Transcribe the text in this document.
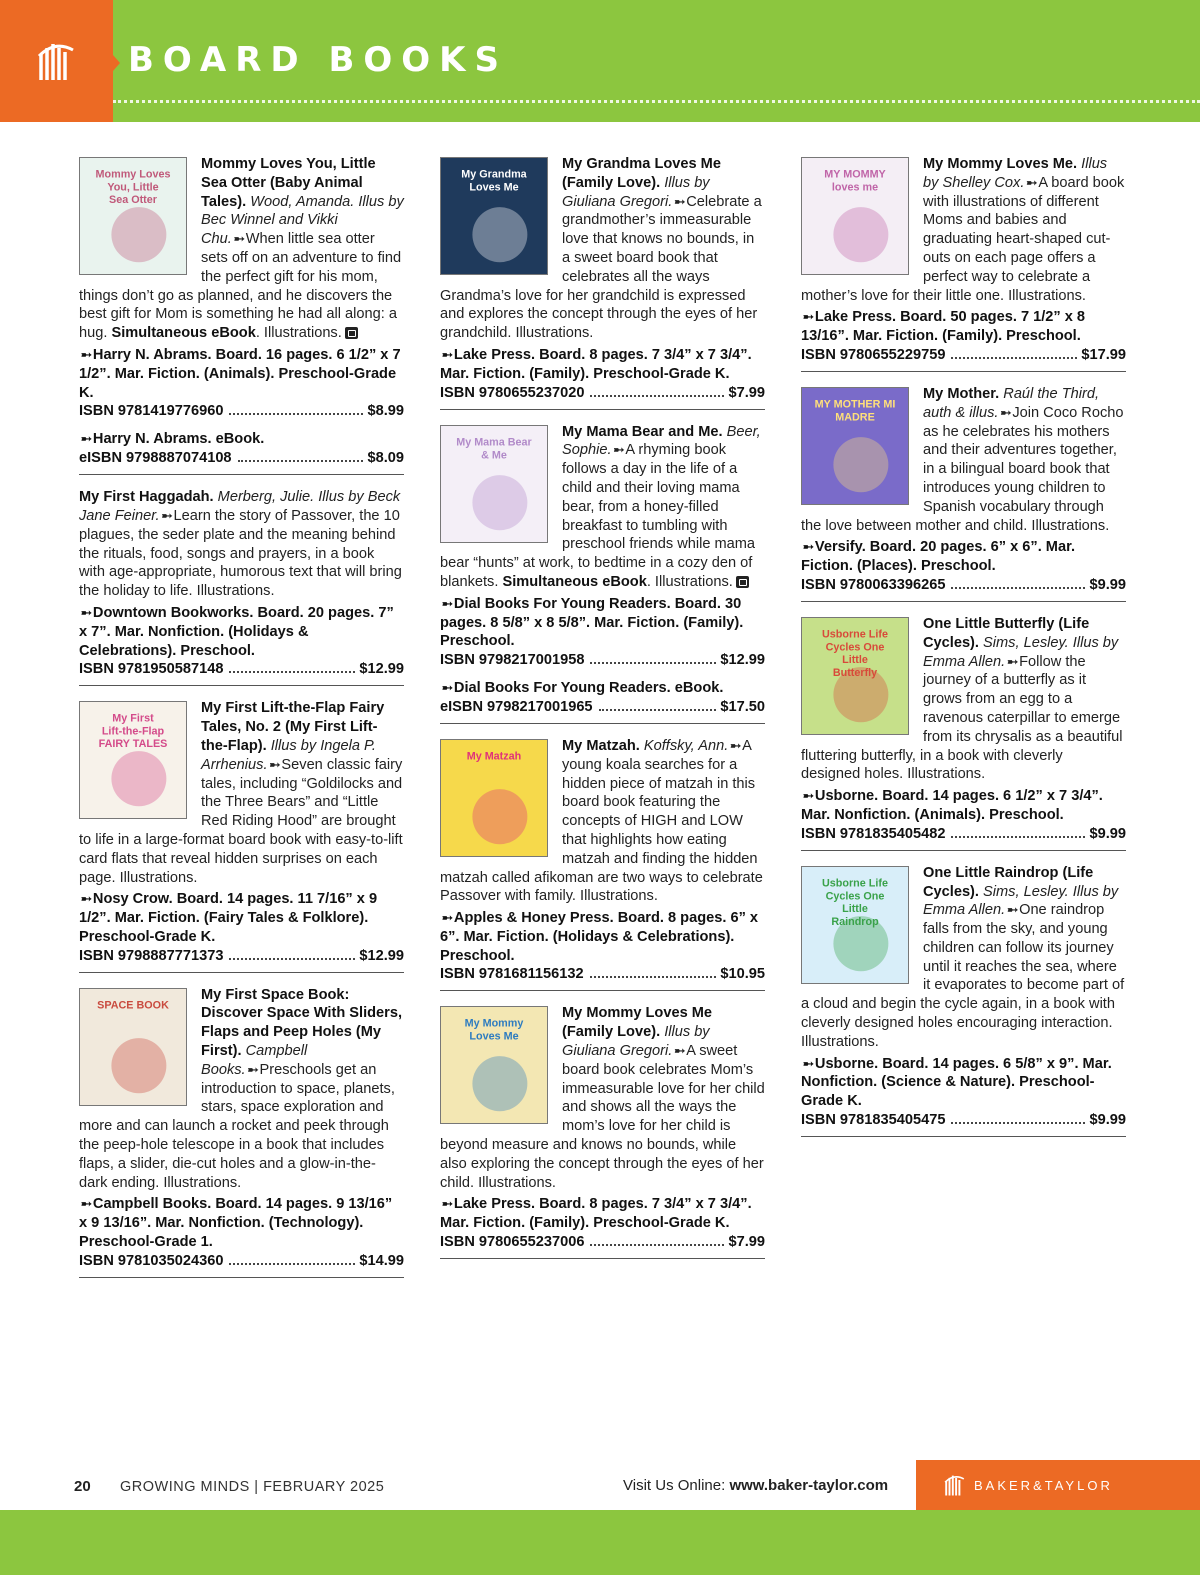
BOARD BOOKS
Mommy Loves
You, Little
Sea Otter

Mommy Loves You, Little Sea Otter (Baby Animal Tales). Wood, Amanda. Illus by Bec Winnel and Vikki Chu. ➸ When little sea otter sets off on an adventure to find the perfect gift for his mom, things don’t go as planned, and he discovers the best gift for Mom is something he had all along: a hug. Simultaneous eBook. Illustrations.

➸ Harry N. Abrams. Board. 16 pages. 6 1/2” x 7 1/2”. Mar. Fiction. (Animals). Preschool-Grade K.
ISBN 9781419776960	$8.99
➸ Harry N. Abrams. eBook.
eISBN 9798887074108	$8.09

My First Haggadah. Merberg, Julie. Illus by Beck Jane Feiner. ➸ Learn the story of Passover, the 10 plagues, the seder plate and the meaning behind the rituals, food, songs and prayers, in a book with age-appropriate, humorous text that will bring the holiday to life. Illustrations.

➸ Downtown Bookworks. Board. 20 pages. 7” x 7”. Mar. Nonfiction. (Holidays & Celebrations). Preschool.
ISBN 9781950587148	$12.99
My First
Lift-the-Flap
FAIRY TALES

My First Lift-the-Flap Fairy Tales, No. 2 (My First Lift-the-Flap). Illus by Ingela P. Arrhenius. ➸ Seven classic fairy tales, including “Goldilocks and the Three Bears” and “Little Red Riding Hood” are brought to life in a large-format board book with easy-to-lift card flats that reveal hidden surprises on each page. Illustrations.

➸ Nosy Crow. Board. 14 pages. 11 7/16” x 9 1/2”. Mar. Fiction. (Fairy Tales & Folklore). Preschool-Grade K.
ISBN 9798887771373	$12.99
SPACE BOOK

My First Space Book: Discover Space With Sliders, Flaps and Peep Holes (My First). Campbell Books. ➸ Preschools get an introduction to space, planets, stars, space exploration and more and can launch a rocket and peek through the peep-hole telescope in a book that includes flaps, a slider, die-cut holes and a glow-in-the-dark ending. Illustrations.

➸ Campbell Books. Board. 14 pages. 9 13/16” x 9 13/16”. Mar. Nonfiction. (Technology). Preschool-Grade 1.
ISBN 9781035024360	$14.99
My Grandma
Loves Me

My Grandma Loves Me (Family Love). Illus by Giuliana Gregori. ➸ Celebrate a grandmother’s immeasurable love that knows no bounds, in a sweet board book that celebrates all the ways Grandma’s love for her grandchild is expressed and explores the concept through the eyes of her grandchild. Illustrations.

➸ Lake Press. Board. 8 pages. 7 3/4” x 7 3/4”. Mar. Fiction. (Family). Preschool-Grade K.
ISBN 9780655237020	$7.99
My Mama Bear
& Me

My Mama Bear and Me. Beer, Sophie. ➸ A rhyming book follows a day in the life of a child and their loving mama bear, from a honey-filled breakfast to tumbling with preschool friends while mama bear “hunts” at work, to bedtime in a cozy den of blankets. Simultaneous eBook. Illustrations.

➸ Dial Books For Young Readers. Board. 30 pages. 8 5/8” x 8 5/8”. Mar. Fiction. (Family). Preschool.
ISBN 9798217001958	$12.99
➸ Dial Books For Young Readers. eBook.
eISBN 9798217001965	$17.50
My Matzah

My Matzah. Koffsky, Ann. ➸ A young koala searches for a hidden piece of matzah in this board book featuring the concepts of HIGH and LOW that highlights how eating matzah and finding the hidden matzah called afikoman are two ways to celebrate Passover with family. Illustrations.

➸ Apples & Honey Press. Board. 8 pages. 6” x 6”. Mar. Fiction. (Holidays & Celebrations). Preschool.
ISBN 9781681156132	$10.95
My Mommy
Loves Me

My Mommy Loves Me (Family Love). Illus by Giuliana Gregori. ➸ A sweet board book celebrates Mom’s immeasurable love for her child and shows all the ways the mom’s love for her child is beyond measure and knows no bounds, while also exploring the concept through the eyes of her child. Illustrations.

➸ Lake Press. Board. 8 pages. 7 3/4” x 7 3/4”. Mar. Fiction. (Family). Preschool-Grade K.
ISBN 9780655237006	$7.99
MY MOMMY
loves me

My Mommy Loves Me. Illus by Shelley Cox. ➸ A board book with illustrations of different Moms and babies and graduating heart-shaped cut-outs on each page offers a perfect way to celebrate a mother’s love for their little one. Illustrations.

➸ Lake Press. Board. 50 pages. 7 1/2” x 8 13/16”. Mar. Fiction. (Family). Preschool.
ISBN 9780655229759	$17.99
MY MOTHER MI
MADRE

My Mother. Raúl the Third, auth & illus. ➸ Join Coco Rocho as he celebrates his mothers and their adventures together, in a bilingual board book that introduces young children to Spanish vocabulary through the love between mother and child. Illustrations.

➸ Versify. Board. 20 pages. 6” x 6”. Mar. Fiction. (Places). Preschool.
ISBN 9780063396265	$9.99
Usborne Life
Cycles One
Little
Butterfly

One Little Butterfly (Life Cycles). Sims, Lesley. Illus by Emma Allen. ➸ Follow the journey of a butterfly as it grows from an egg to a ravenous caterpillar to emerge from its chrysalis as a beautiful fluttering butterfly, in a book with cleverly designed holes. Illustrations.

➸ Usborne. Board. 14 pages. 6 1/2” x 7 3/4”. Mar. Nonfiction. (Animals). Preschool.
ISBN 9781835405482	$9.99
Usborne Life
Cycles One
Little
Raindrop

One Little Raindrop (Life Cycles). Sims, Lesley. Illus by Emma Allen. ➸ One raindrop falls from the sky, and young children can follow its journey until it reaches the sea, where it evaporates to become part of a cloud and begin the cycle again, in a book with cleverly designed holes encouraging interaction. Illustrations.

➸ Usborne. Board. 14 pages. 6 5/8” x 9”. Mar. Nonfiction. (Science & Nature). Preschool-Grade K.
ISBN 9781835405475	$9.99
20 GROWING MINDS | FEBRUARY 2025	Visit Us Online: www.baker-taylor.com	BAKER&TAYLOR
